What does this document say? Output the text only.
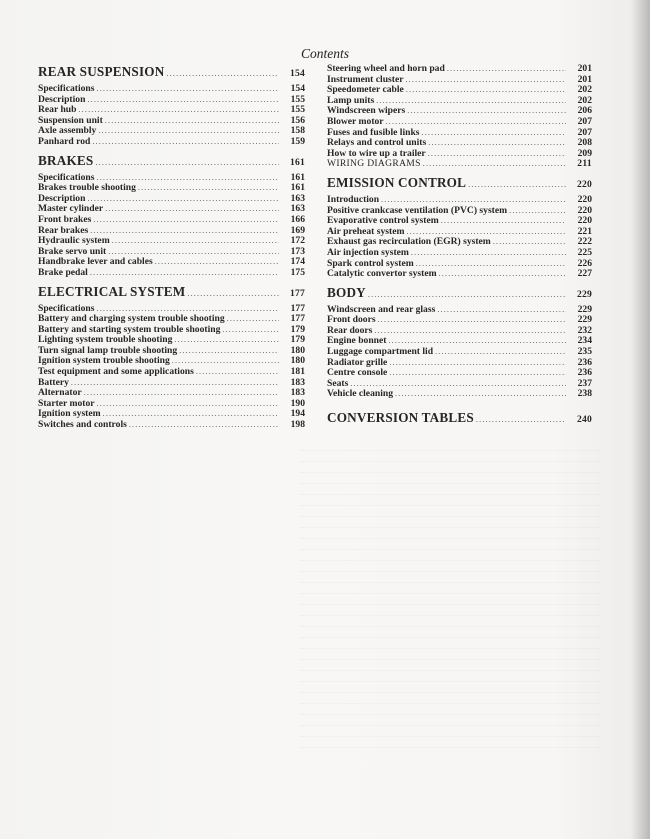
Contents
REAR SUSPENSION .....	154
Specifications .....	154
Description .....	155
Rear hub .....	155
Suspension unit .....	156
Axle assembly .....	158
Panhard rod .....	159
BRAKES .....	161
Specifications .....	161
Brakes trouble shooting .....	161
Description .....	163
Master cylinder .....	163
Front brakes .....	166
Rear brakes .....	169
Hydraulic system .....	172
Brake servo unit .....	173
Handbrake lever and cables .....	174
Brake pedal .....	175
ELECTRICAL SYSTEM .....	177
Specifications .....	177
Battery and charging system trouble shooting .....	177
Battery and starting system trouble shooting .....	179
Lighting system trouble shooting .....	179
Turn signal lamp trouble shooting .....	180
Ignition system trouble shooting .....	180
Test equipment and some applications .....	181
Battery .....	183
Alternator .....	183
Starter motor .....	190
Ignition system .....	194
Switches and controls .....	198
Steering wheel and horn pad .....	201
Instrument cluster .....	201
Speedometer cable .....	202
Lamp units .....	202
Windscreen wipers .....	206
Blower motor .....	207
Fuses and fusible links .....	207
Relays and control units .....	208
How to wire up a trailer .....	209
WIRING DIAGRAMS .....	211
EMISSION CONTROL .....	220
Introduction .....	220
Positive crankcase ventilation (PVC) system .....	220
Evaporative control system .....	220
Air preheat system .....	221
Exhaust gas recirculation (EGR) system .....	222
Air injection system .....	225
Spark control system .....	226
Catalytic convertor system .....	227
BODY .....	229
Windscreen and rear glass .....	229
Front doors .....	229
Rear doors .....	232
Engine bonnet .....	234
Luggage compartment lid .....	235
Radiator grille .....	236
Centre console .....	236
Seats .....	237
Vehicle cleaning .....	238
CONVERSION TABLES .....	240
